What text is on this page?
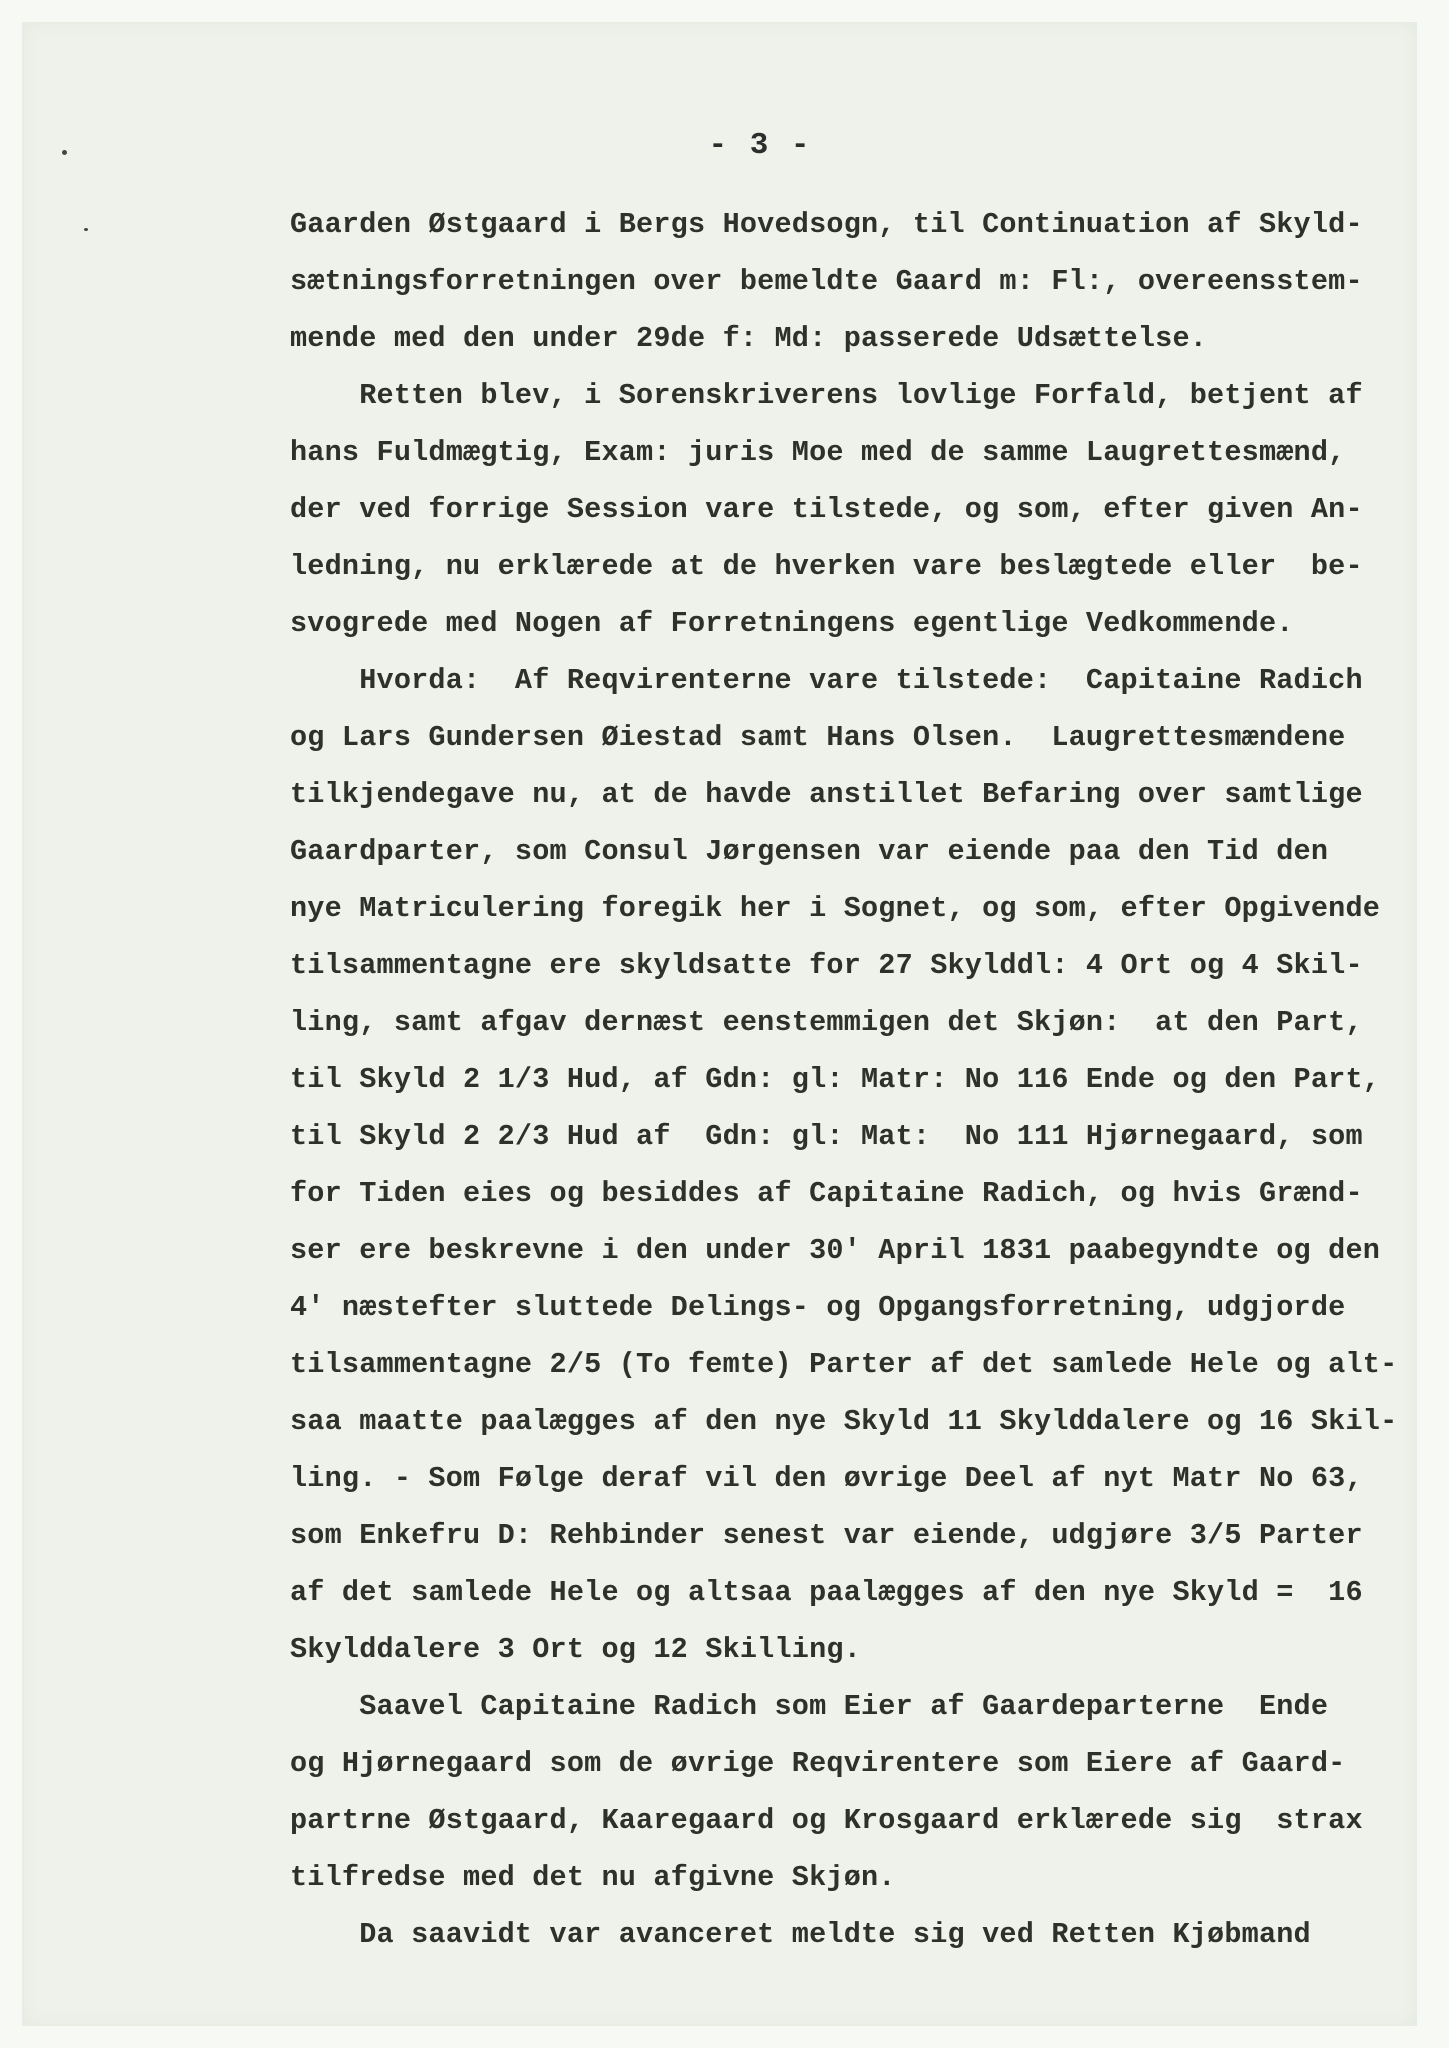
- 3 -
Gaarden Østgaard i Bergs Hovedsogn, til Continuation af Skyld-
sætningsforretningen over bemeldte Gaard m: Fl:, overeensstem-
mende med den under 29de f: Md: passerede Udsættelse.
Retten blev, i Sorenskriverens lovlige Forfald, betjent af
hans Fuldmægtig, Exam: juris Moe med de samme Laugrettesmænd,
der ved forrige Session vare tilstede, og som, efter given An-
ledning, nu erklærede at de hverken vare beslægtede eller  be-
svogrede med Nogen af Forretningens egentlige Vedkommende.
Hvorda:  Af Reqvirenterne vare tilstede:  Capitaine Radich
og Lars Gundersen Øiestad samt Hans Olsen.  Laugrettesmændene
tilkjendegave nu, at de havde anstillet Befaring over samtlige
Gaardparter, som Consul Jørgensen var eiende paa den Tid den
nye Matriculering foregik her i Sognet, og som, efter Opgivende
tilsammentagne ere skyldsatte for 27 Skylddl: 4 Ort og 4 Skil-
ling, samt afgav dernæst eenstemmigen det Skjøn:  at den Part,
til Skyld 2 1/3 Hud, af Gdn: gl: Matr: No 116 Ende og den Part,
til Skyld 2 2/3 Hud af  Gdn: gl: Mat:  No 111 Hjørnegaard, som
for Tiden eies og besiddes af Capitaine Radich, og hvis Grænd-
ser ere beskrevne i den under 30' April 1831 paabegyndte og den
4' næstefter sluttede Delings- og Opgangsforretning, udgjorde
tilsammentagne 2/5 (To femte) Parter af det samlede Hele og alt-
saa maatte paalægges af den nye Skyld 11 Skylddalere og 16 Skil-
ling. - Som Følge deraf vil den øvrige Deel af nyt Matr No 63,
som Enkefru D: Rehbinder senest var eiende, udgjøre 3/5 Parter
af det samlede Hele og altsaa paalægges af den nye Skyld =  16
Skylddalere 3 Ort og 12 Skilling.
Saavel Capitaine Radich som Eier af Gaardeparterne  Ende
og Hjørnegaard som de øvrige Reqvirentere som Eiere af Gaard-
partrne Østgaard, Kaaregaard og Krosgaard erklærede sig  strax
tilfredse med det nu afgivne Skjøn.
Da saavidt var avanceret meldte sig ved Retten Kjøbmand
